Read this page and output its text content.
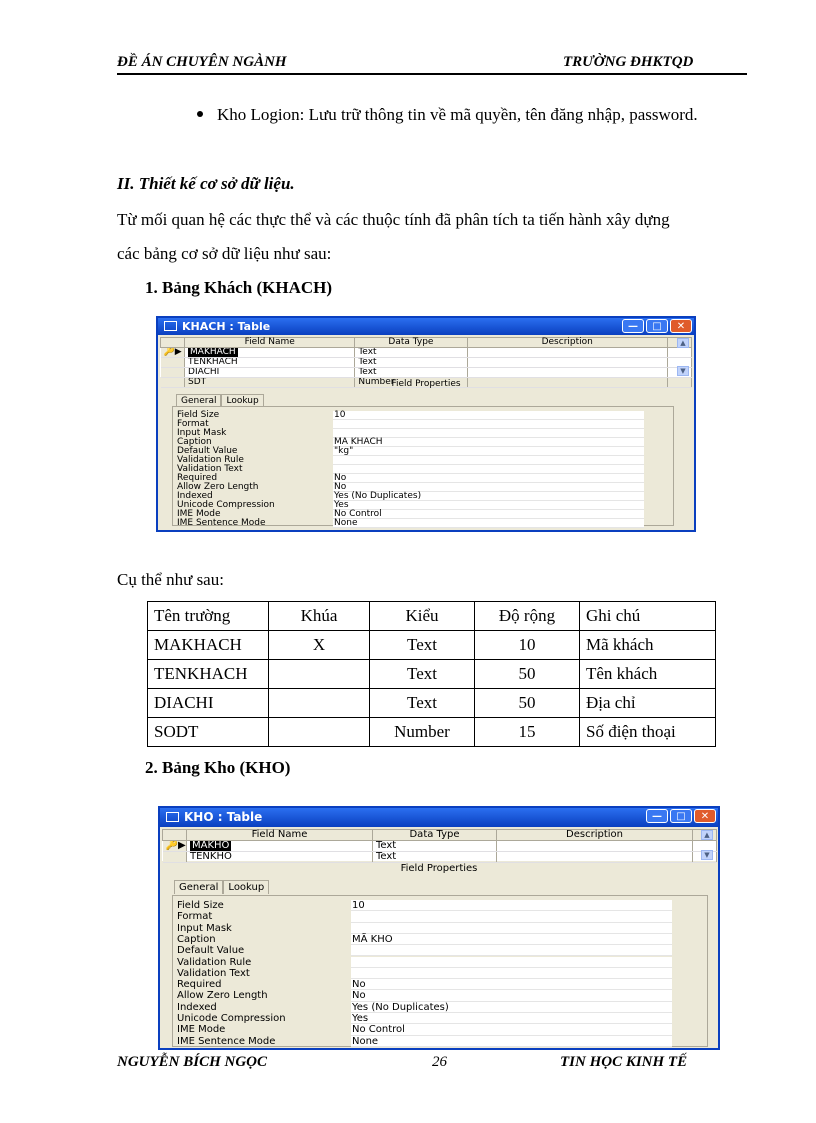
ĐỀ ÁN CHUYÊN NGÀNH	TRƯỜNG ĐHKTQD
Kho Logion: Lưu trữ thông tin về mã quyền, tên đăng nhập, password.
II. Thiết kế cơ sở dữ liệu.
Từ mối quan hệ các thực thể và các thuộc tính đã phân tích ta tiến hành xây dựng
các bảng cơ sở dữ liệu như sau:
1. Bảng Khách (KHACH)
KHACH : Table	—	□	✕
	Field Name	Data Type	Description	
🔑▶	MAKHACH	Text		
	TENKHACH	Text		
	DIACHI	Text		
	SDT	Number		
▲
▼
Field Properties
General Lookup
Field Size	10
Format
Input Mask
Caption	MA KHACH
Default Value	"kg"
Validation Rule
Validation Text
Required	No
Allow Zero Length	No
Indexed	Yes (No Duplicates)
Unicode Compression	Yes
IME Mode	No Control
IME Sentence Mode	None
Cụ thể như sau:
Tên trường	Khúa	Kiểu	Độ rộng	Ghi chú
MAKHACH	X	Text	10	Mã khách
TENKHACH		Text	50	Tên khách
DIACHI		Text	50	Địa chỉ
SODT		Number	15	Số điện thoại
2. Bảng Kho (KHO)
KHO : Table	—	□	✕
	Field Name	Data Type	Description	
🔑▶	MAKHO	Text		
	TENKHO	Text		
▲
▼
Field Properties
General Lookup
Field Size	10
Format
Input Mask
Caption	MÃ KHO
Default Value
Validation Rule
Validation Text
Required	No
Allow Zero Length	No
Indexed	Yes (No Duplicates)
Unicode Compression	Yes
IME Mode	No Control
IME Sentence Mode	None
NGUYỄN BÍCH NGỌC	26	TIN HỌC KINH TẾ
